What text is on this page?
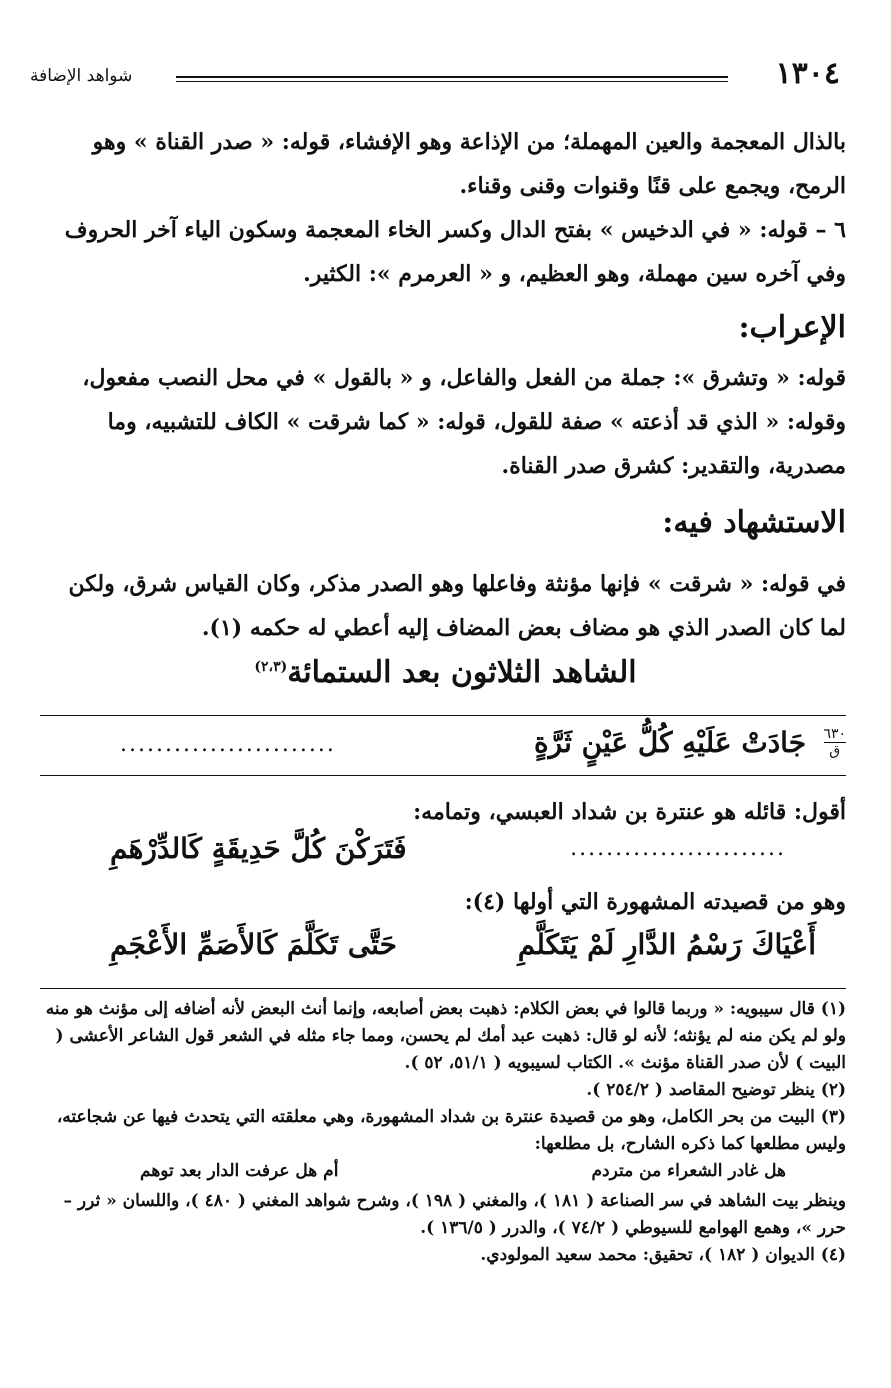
١٣٠٤
شواهد الإضافة
بالذال المعجمة والعين المهملة؛ من الإذاعة وهو الإفشاء، قوله: « صدر القناة » وهو الرمح، ويجمع على قنًا وقنوات وقنى وقناء.
٦ – قوله: « في الدخيس » بفتح الدال وكسر الخاء المعجمة وسكون الياء آخر الحروف وفي آخره سين مهملة، وهو العظيم، و « العرمرم »: الكثير.
الإعراب:
قوله: « وتشرق »: جملة من الفعل والفاعل، و « بالقول » في محل النصب مفعول، وقوله: « الذي قد أذعته » صفة للقول، قوله: « كما شرقت » الكاف للتشبيه، وما مصدرية، والتقدير: كشرق صدر القناة.
الاستشهاد فيه:
في قوله: « شرقت » فإنها مؤنثة وفاعلها وهو الصدر مذكر، وكان القياس شرق، ولكن لما كان الصدر الذي هو مضاف بعض المضاف إليه أعطي له حكمه (١).
الشاهد الثلاثون بعد الستمائة$^{(٢،٣)}$
٦٣٠
ق
جَادَتْ عَلَيْهِ كُلُّ عَيْنٍ ثَرَّةٍ
........................
أقول: قائله هو عنترة بن شداد العبسي، وتمامه:
........................
فَتَرَكْنَ كُلَّ حَدِيقَةٍ كَالدِّرْهَمِ
وهو من قصيدته المشهورة التي أولها (٤):
أَعْيَاكَ رَسْمُ الدَّارِ لَمْ يَتَكَلَّمِ
حَتَّى تَكَلَّمَ كَالأَصَمِّ الأَعْجَمِ

(١) قال سيبويه: « وربما قالوا في بعض الكلام: ذهبت بعض أصابعه، وإنما أنث البعض لأنه أضافه إلى مؤنث هو منه ولو لم يكن منه لم يؤنثه؛ لأنه لو قال: ذهبت عبد أمك لم يحسن، ومما جاء مثله في الشعر قول الشاعر الأعشى ( البيت ) لأن صدر القناة مؤنث ». الكتاب لسيبويه ( ٥١/١، ٥٢ ).

(٢) ينظر توضيح المقاصد ( ٢٥٤/٢ ).

(٣) البيت من بحر الكامل، وهو من قصيدة عنترة بن شداد المشهورة، وهي معلقته التي يتحدث فيها عن شجاعته، وليس مطلعها كما ذكره الشارح، بل مطلعها:

هل غادر الشعراء من متردم
أم هل عرفت الدار بعد توهم

وينظر بيت الشاهد في سر الصناعة ( ١٨١ )، والمغني ( ١٩٨ )، وشرح شواهد المغني ( ٤٨٠ )، واللسان « ثرر – حرر »، وهمع الهوامع للسيوطي ( ٧٤/٢ )، والدرر ( ١٣٦/٥ ).

(٤) الديوان ( ١٨٢ )، تحقيق: محمد سعيد المولودي.
